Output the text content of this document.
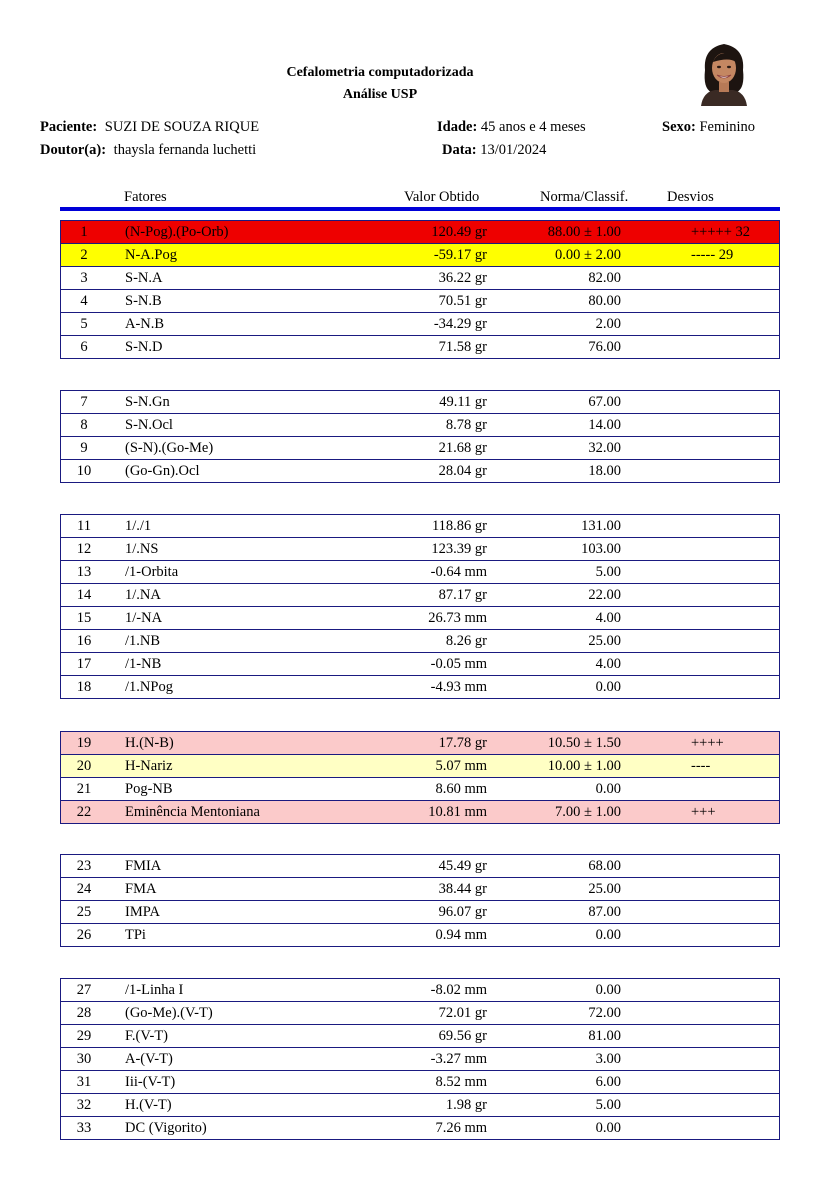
Cefalometria computadorizada
Análise USP
Paciente: SUZI DE SOUZA RIQUE	Idade: 45 anos e 4 meses	Sexo: Feminino
Doutor(a): thaysla fernanda luchetti	Data: 13/01/2024
Fatores	Valor Obtido	Norma/Classif.	Desvios
1	(N-Pog).(Po-Orb)	120.49 gr	88.00 ± 1.00	+++++ 32
2	N-A.Pog	-59.17 gr	0.00 ± 2.00	----- 29
3	S-N.A	36.22 gr	82.00
4	S-N.B	70.51 gr	80.00
5	A-N.B	-34.29 gr	2.00
6	S-N.D	71.58 gr	76.00
7	S-N.Gn	49.11 gr	67.00
8	S-N.Ocl	8.78 gr	14.00
9	(S-N).(Go-Me)	21.68 gr	32.00
10	(Go-Gn).Ocl	28.04 gr	18.00
11	1/./1	118.86 gr	131.00
12	1/.NS	123.39 gr	103.00
13	/1-Orbita	-0.64 mm	5.00
14	1/.NA	87.17 gr	22.00
15	1/-NA	26.73 mm	4.00
16	/1.NB	8.26 gr	25.00
17	/1-NB	-0.05 mm	4.00
18	/1.NPog	-4.93 mm	0.00
19	H.(N-B)	17.78 gr	10.50 ± 1.50	++++
20	H-Nariz	5.07 mm	10.00 ± 1.00	----
21	Pog-NB	8.60 mm	0.00
22	Eminência Mentoniana	10.81 mm	7.00 ± 1.00	+++
23	FMIA	45.49 gr	68.00
24	FMA	38.44 gr	25.00
25	IMPA	96.07 gr	87.00
26	TPi	0.94 mm	0.00
27	/1-Linha I	-8.02 mm	0.00
28	(Go-Me).(V-T)	72.01 gr	72.00
29	F.(V-T)	69.56 gr	81.00
30	A-(V-T)	-3.27 mm	3.00
31	Iii-(V-T)	8.52 mm	6.00
32	H.(V-T)	1.98 gr	5.00
33	DC (Vigorito)	7.26 mm	0.00
